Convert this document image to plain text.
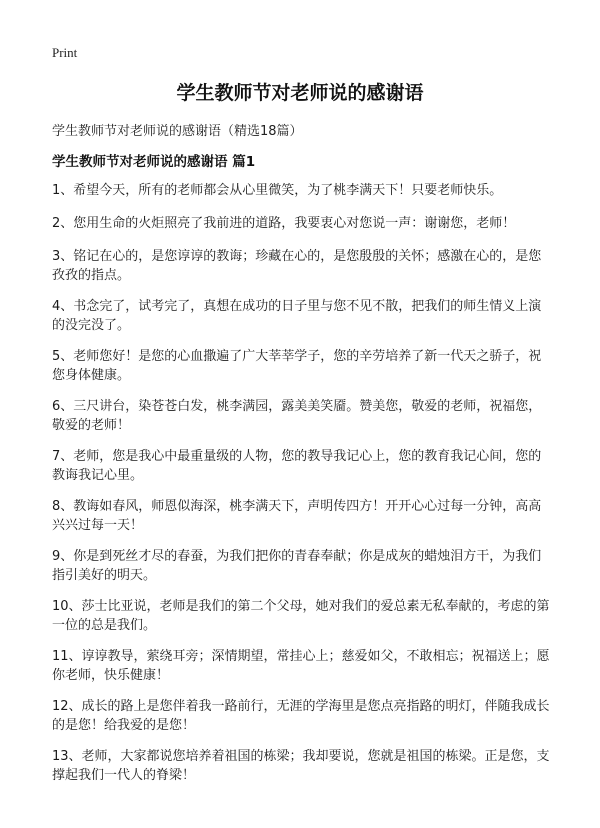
Print
学生教师节对老师说的感谢语

学生教师节对老师说的感谢语（精选18篇）

学生教师节对老师说的感谢语 篇1
1、希望今天，所有的老师都会从心里微笑，为了桃李满天下！只要老师快乐。
2、您用生命的火炬照亮了我前进的道路，我要衷心对您说一声：谢谢您，老师！
3、铭记在心的，是您谆谆的教诲；珍藏在心的，是您殷殷的关怀；感激在心的，是您孜孜的指点。
4、书念完了，试考完了，真想在成功的日子里与您不见不散，把我们的师生情义上演的没完没了。
5、老师您好！是您的心血撒遍了广大莘莘学子，您的辛劳培养了新一代天之骄子，祝您身体健康。
6、三尺讲台，染苍苍白发，桃李满园，露美美笑靥。赞美您，敬爱的老师，祝福您，敬爱的老师！
7、老师，您是我心中最重量级的人物，您的教导我记心上，您的教育我记心间，您的教诲我记心里。
8、教诲如春风，师恩似海深，桃李满天下，声明传四方！开开心心过每一分钟，高高兴兴过每一天！
9、你是到死丝才尽的春蚕，为我们把你的青春奉献；你是成灰的蜡烛泪方干，为我们指引美好的明天。
10、莎士比亚说，老师是我们的第二个父母，她对我们的爱总素无私奉献的，考虑的第一位的总是我们。
11、谆谆教导，萦绕耳旁；深情期望，常挂心上；慈爱如父，不敢相忘；祝福送上；愿你老师，快乐健康！
12、成长的路上是您伴着我一路前行，无涯的学海里是您点亮指路的明灯，伴随我成长的是您！给我爱的是您！
13、老师，大家都说您培养着祖国的栋梁；我却要说，您就是祖国的栋梁。正是您，支撑起我们一代人的脊梁！
